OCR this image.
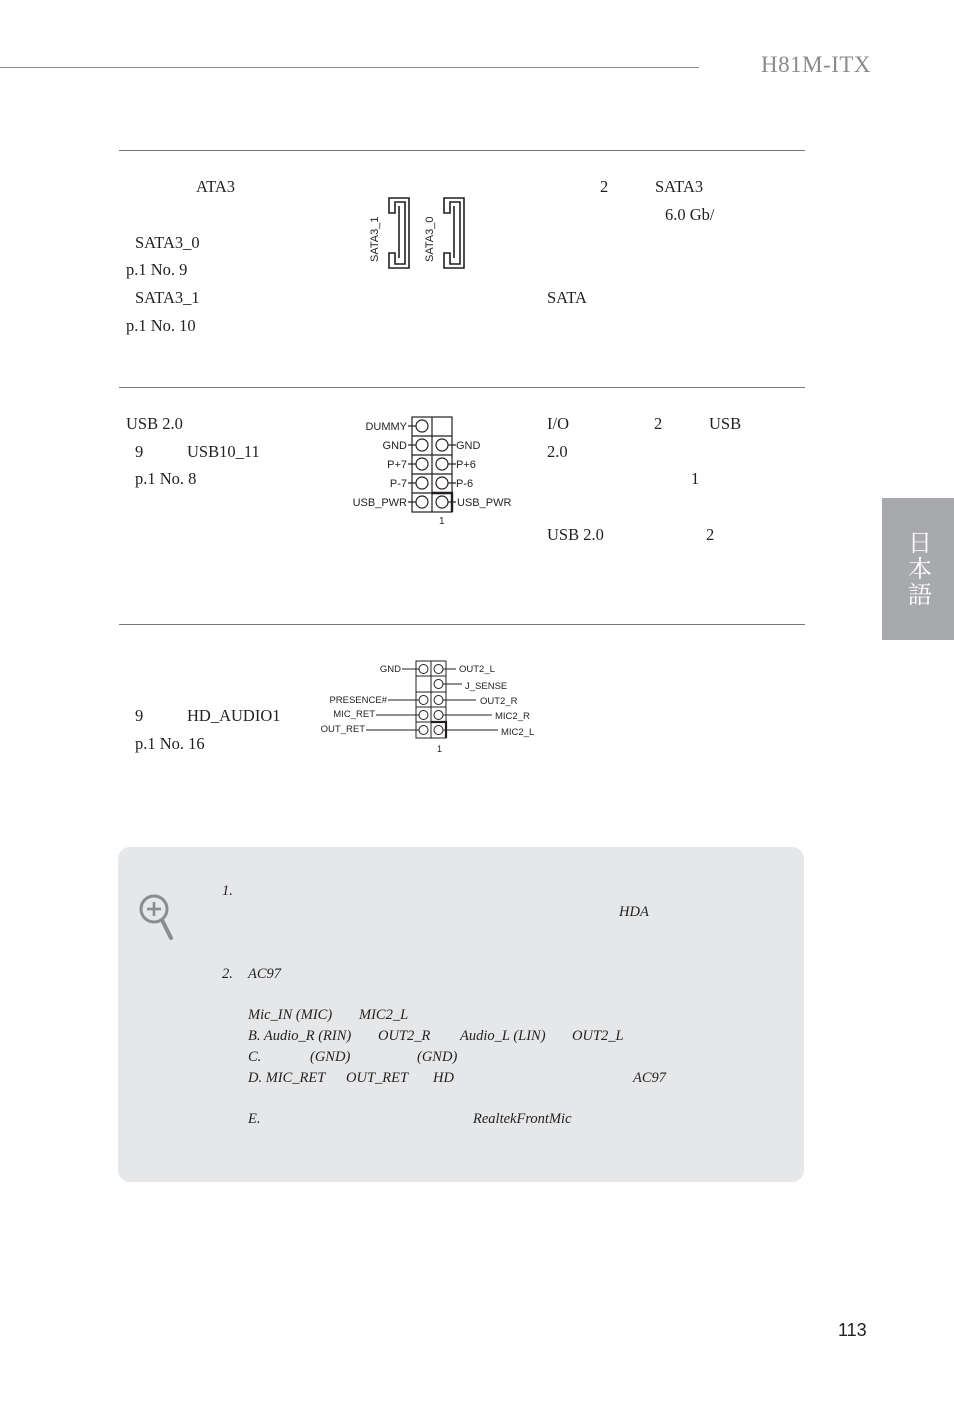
H81M-ITX
日本語
ATA3
SATA3_0
p.1 No. 9
SATA3_1
p.1 No. 10
2	SATA3
6.0 Gb/
SATA
SATA3_1	SATA3_0
USB 2.0
9	USB10_11
p.1 No. 8
I/O	2	USB
2.0
1
USB 2.0	2
DUMMY
GND
P+7
P-7
USB_PWR
GND
P+6
P-6
USB_PWR
1
9	HD_AUDIO1
p.1 No. 16
GND
PRESENCE#
MIC_RET
OUT_RET
OUT2_L
J_SENSE
OUT2_R
MIC2_R
MIC2_L
1
1.
HDA
2. AC97
Mic_IN (MIC) MIC2_L
B. Audio_R (RIN) OUT2_R Audio_L (LIN) OUT2_L
C.	(GND)	(GND)
D. MIC_RET OUT_RET HD	AC97
E.	RealtekFrontMic
113
